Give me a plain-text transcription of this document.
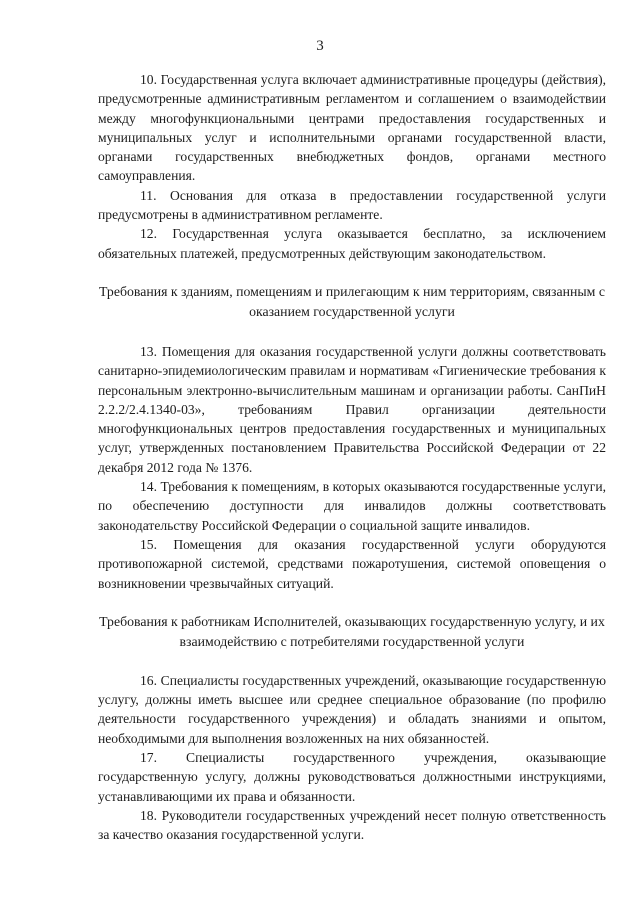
3

10. Государственная услуга включает административные процедуры (действия), предусмотренные административным регламентом и соглашением о взаимодействии между многофункциональными центрами предоставления государственных и муниципальных услуг и исполнительными органами государственной власти, органами государственных внебюджетных фондов, органами местного самоуправления.

11. Основания для отказа в предоставлении государственной услуги предусмотрены в административном регламенте.

12. Государственная услуга оказывается бесплатно, за исключением обязательных платежей, предусмотренных действующим законодательством.

Требования к зданиям, помещениям и прилегающим к ним территориям, связанным с оказанием государственной услуги

13. Помещения для оказания государственной услуги должны соответствовать санитарно-эпидемиологическим правилам и нормативам «Гигиенические требования к персональным электронно-вычислительным машинам и организации работы. СанПиН 2.2.2/2.4.1340-03», требованиям Правил организации деятельности многофункциональных центров предоставления государственных и муниципальных услуг, утвержденных постановлением Правительства Российской Федерации от 22 декабря 2012 года № 1376.

14. Требования к помещениям, в которых оказываются государственные услуги, по обеспечению доступности для инвалидов должны соответствовать законодательству Российской Федерации о социальной защите инвалидов.

15. Помещения для оказания государственной услуги оборудуются противопожарной системой, средствами пожаротушения, системой оповещения о возникновении чрезвычайных ситуаций.

Требования к работникам Исполнителей, оказывающих государственную услугу, и их взаимодействию с потребителями государственной услуги

16. Специалисты государственных учреждений, оказывающие государственную услугу, должны иметь высшее или среднее специальное образование (по профилю деятельности государственного учреждения) и обладать знаниями и опытом, необходимыми для выполнения возложенных на них обязанностей.

17. Специалисты государственного учреждения, оказывающие государственную услугу, должны руководствоваться должностными инструкциями, устанавливающими их права и обязанности.

18. Руководители государственных учреждений несет полную ответственность за качество оказания государственной услуги.
